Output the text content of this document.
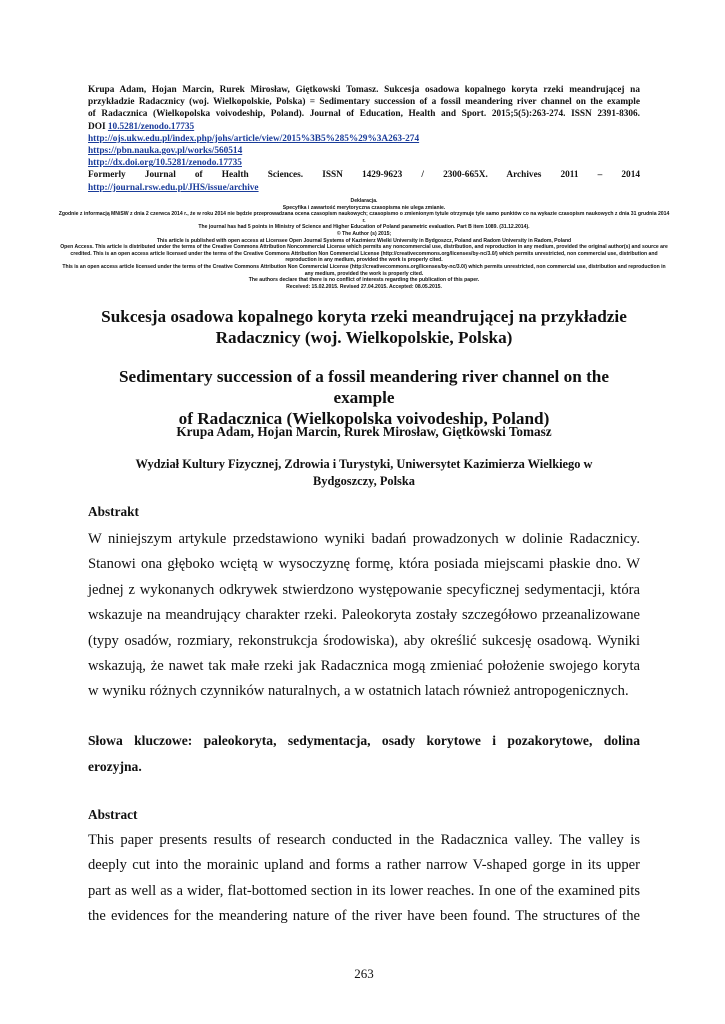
Krupa Adam, Hojan Marcin, Rurek Mirosław, Giętkowski Tomasz. Sukcesja osadowa kopalnego koryta rzeki meandrującej na
przykładzie Radacznicy (woj. Wielkopolskie, Polska) = Sedimentary succession of a fossil meandering river channel on the example
of Radacznica (Wielkopolska voivodeship, Poland). Journal of Education, Health and Sport. 2015;5(5):263-274. ISSN 2391-8306.
DOI 10.5281/zenodo.17735
http://ojs.ukw.edu.pl/index.php/johs/article/view/2015%3B5%285%29%3A263-274
https://pbn.nauka.gov.pl/works/560514
http://dx.doi.org/10.5281/zenodo.17735
Formerly Journal of Health Sciences. ISSN 1429-9623 / 2300-665X. Archives 2011 – 2014
http://journal.rsw.edu.pl/JHS/issue/archive
Deklaracja.
Specyfika i zawartość merytoryczna czasopisma nie ulega zmianie.
Zgodnie z informacją MNiSW z dnia 2 czerwca 2014 r., że w roku 2014 nie będzie przeprowadzana ocena czasopism naukowych; czasopismo o zmienionym tytule otrzymuje tyle samo punktów co na wykazie czasopism naukowych z dnia 31 grudnia 2014 r.
The journal has had 5 points in Ministry of Science and Higher Education of Poland parametric evaluation. Part B item 1089. (31.12.2014).
© The Author (s) 2015;
This article is published with open access at Licensee Open Journal Systems of Kazimierz Wielki University in Bydgoszcz, Poland and Radom University in Radom, Poland
Open Access. This article is distributed under the terms of the Creative Commons Attribution Noncommercial License which permits any noncommercial use, distribution, and reproduction in any medium, provided the original author(s) and source are credited. This is an open access article licensed under the terms of the Creative Commons Attribution Non Commercial License (http://creativecommons.org/licenses/by-nc/3.0/) which permits unrestricted, non commercial use, distribution and reproduction in any medium, provided the work is properly cited.
This is an open access article licensed under the terms of the Creative Commons Attribution Non Commercial License (http://creativecommons.org/licenses/by-nc/3.0/) which permits unrestricted, non commercial use, distribution and reproduction in any medium, provided the work is properly cited.
The authors declare that there is no conflict of interests regarding the publication of this paper.
Received: 15.02.2015. Revised 27.04.2015. Accepted: 08.05.2015.
Sukcesja osadowa kopalnego koryta rzeki meandrującej na przykładzie
Radacznicy (woj. Wielkopolskie, Polska)
Sedimentary succession of a fossil meandering river channel on the example
of Radacznica (Wielkopolska voivodeship, Poland)
Krupa Adam, Hojan Marcin, Rurek Mirosław, Giętkowski Tomasz
Wydział Kultury Fizycznej, Zdrowia i Turystyki, Uniwersytet Kazimierza Wielkiego w
Bydgoszczy, Polska
Abstrakt
W niniejszym artykule przedstawiono wyniki badań prowadzonych w dolinie Radacznicy.
Stanowi ona głęboko wciętą w wysoczyznę formę, która posiada miejscami płaskie dno. W
jednej z wykonanych odkrywek stwierdzono występowanie specyficznej sedymentacji, która
wskazuje na meandrujący charakter rzeki. Paleokoryta zostały szczegółowo przeanalizowane
(typy osadów, rozmiary, rekonstrukcja środowiska), aby określić sukcesję osadową. Wyniki
wskazują, że nawet tak małe rzeki jak Radacznica mogą zmieniać położenie swojego koryta
w wyniku różnych czynników naturalnych, a w ostatnich latach również antropogenicznych.
Słowa kluczowe: paleokoryta, sedymentacja, osady korytowe i pozakorytowe, dolina
erozyjna.
Abstract
This paper presents results of research conducted in the Radacznica valley. The valley is
deeply cut into the morainic upland and forms a rather narrow V-shaped gorge in its upper
part as well as a wider, flat-bottomed section in its lower reaches. In one of the examined pits
the evidences for the meandering nature of the river have been found. The structures of the
263
